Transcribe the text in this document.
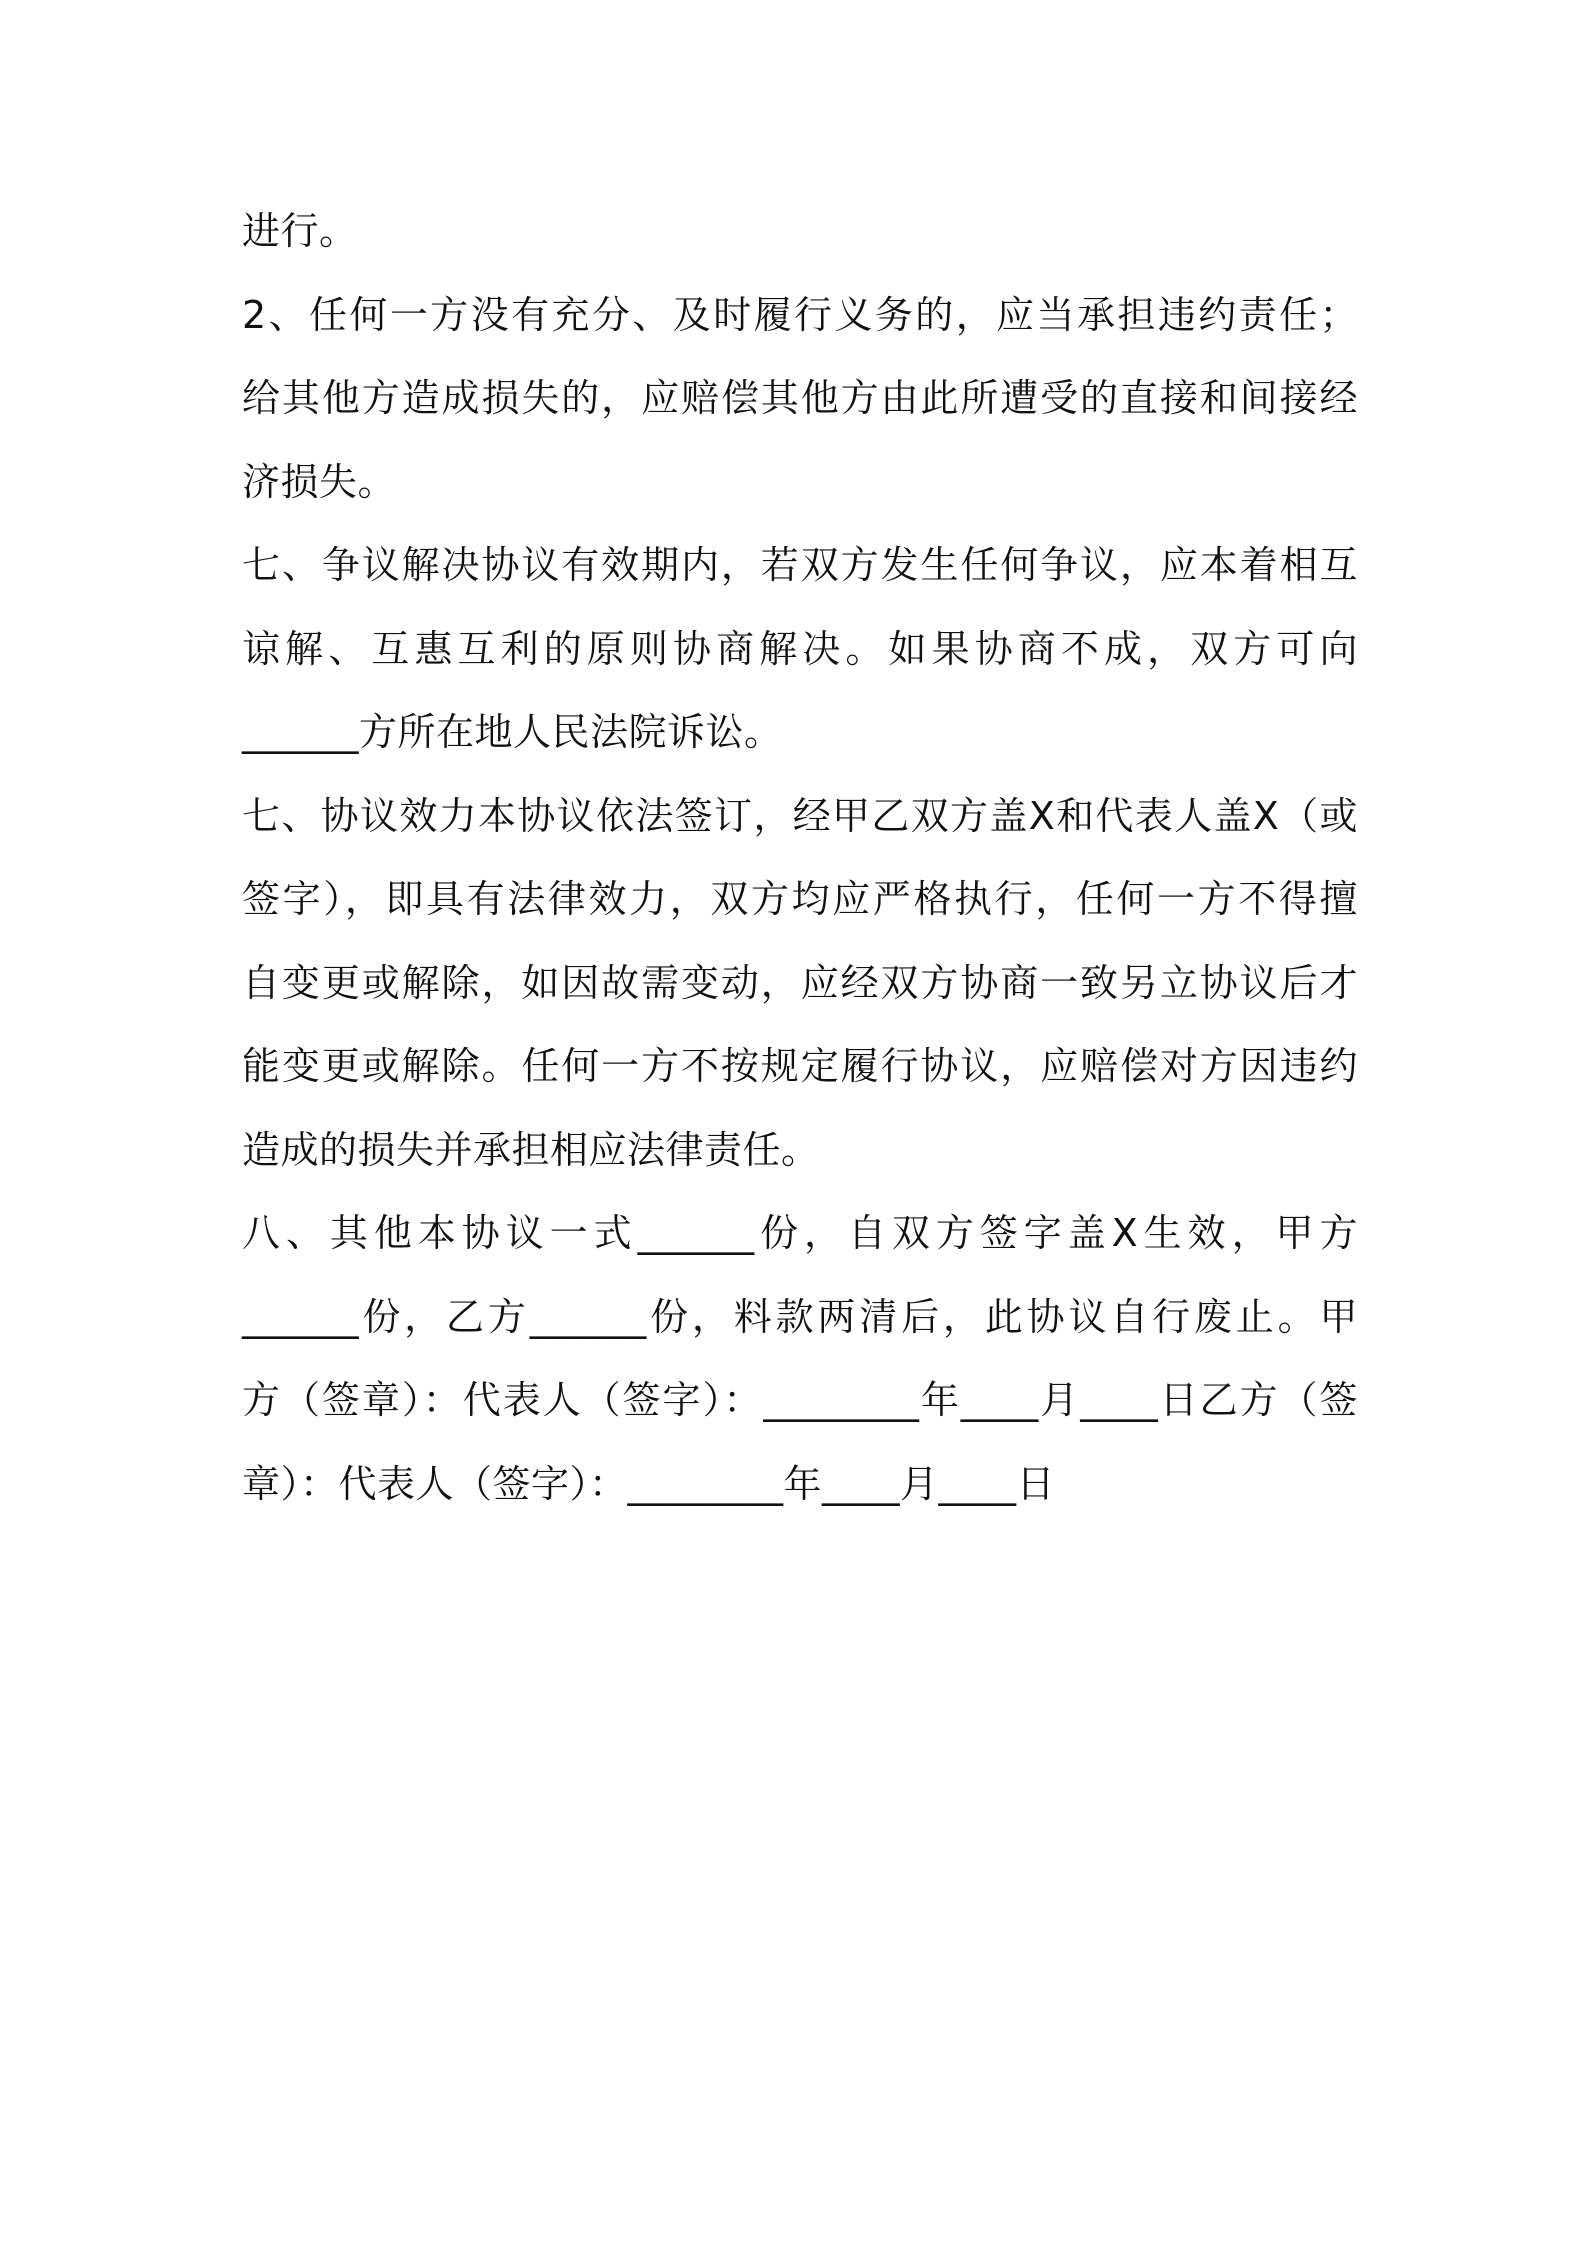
进行。
2、任何一方没有充分、及时履行义务的，应当承担违约责任；
给其他方造成损失的，应赔偿其他方由此所遭受的直接和间接经
济损失。
七、争议解决协议有效期内，若双方发生任何争议，应本着相互
谅解、互惠互利的原则协商解决。如果协商不成，双方可向
______方所在地人民法院诉讼。
七、协议效力本协议依法签订，经甲乙双方盖X和代表人盖X（或
签字），即具有法律效力，双方均应严格执行，任何一方不得擅
自变更或解除，如因故需变动，应经双方协商一致另立协议后才
能变更或解除。任何一方不按规定履行协议，应赔偿对方因违约
造成的损失并承担相应法律责任。
八、其他本协议一式______份，自双方签字盖X生效，甲方
______份，乙方______份，料款两清后，此协议自行废止。甲
方（签章）：代表人（签字）：________年____月____日乙方（签
章）：代表人（签字）：________年____月____日
